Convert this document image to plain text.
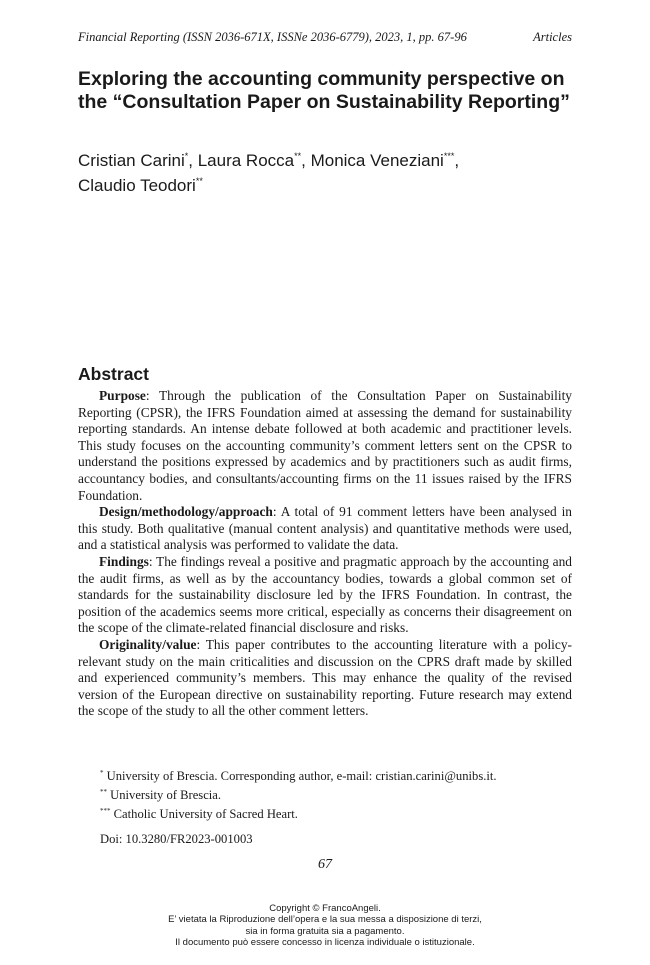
Financial Reporting (ISSN 2036-671X, ISSNe 2036-6779), 2023, 1, pp. 67-96	Articles
Exploring the accounting community perspective on the “Consultation Paper on Sustainability Reporting”
Cristian Carini*, Laura Rocca**, Monica Veneziani***,
Claudio Teodori**
Abstract

Purpose: Through the publication of the Consultation Paper on Sustainability Reporting (CPSR), the IFRS Foundation aimed at assessing the demand for sustainability reporting standards. An intense debate followed at both academic and practitioner levels. This study focuses on the accounting community’s comment letters sent on the CPSR to understand the positions expressed by academics and by practitioners such as audit firms, accountancy bodies, and consultants/accounting firms on the 11 issues raised by the IFRS Foundation.

Design/methodology/approach: A total of 91 comment letters have been analysed in this study. Both qualitative (manual content analysis) and quantitative methods were used, and a statistical analysis was performed to validate the data.

Findings: The findings reveal a positive and pragmatic approach by the accounting and the audit firms, as well as by the accountancy bodies, towards a global common set of standards for the sustainability disclosure led by the IFRS Foundation. In contrast, the position of the academics seems more critical, especially as concerns their disagreement on the scope of the climate-related financial disclosure and risks.

Originality/value: This paper contributes to the accounting literature with a policy-relevant study on the main criticalities and discussion on the CPRS draft made by skilled and experienced community’s members. This may enhance the quality of the revised version of the European directive on sustainability reporting. Future research may extend the scope of the study to all the other comment letters.

* University of Brescia. Corresponding author, e-mail: cristian.carini@unibs.it.
** University of Brescia.
*** Catholic University of Sacred Heart.
Doi: 10.3280/FR2023-001003
67
Copyright © FrancoAngeli.
E’ vietata la Riproduzione dell’opera e la sua messa a disposizione di terzi,
sia in forma gratuita sia a pagamento.
Il documento può essere concesso in licenza individuale o istituzionale.
